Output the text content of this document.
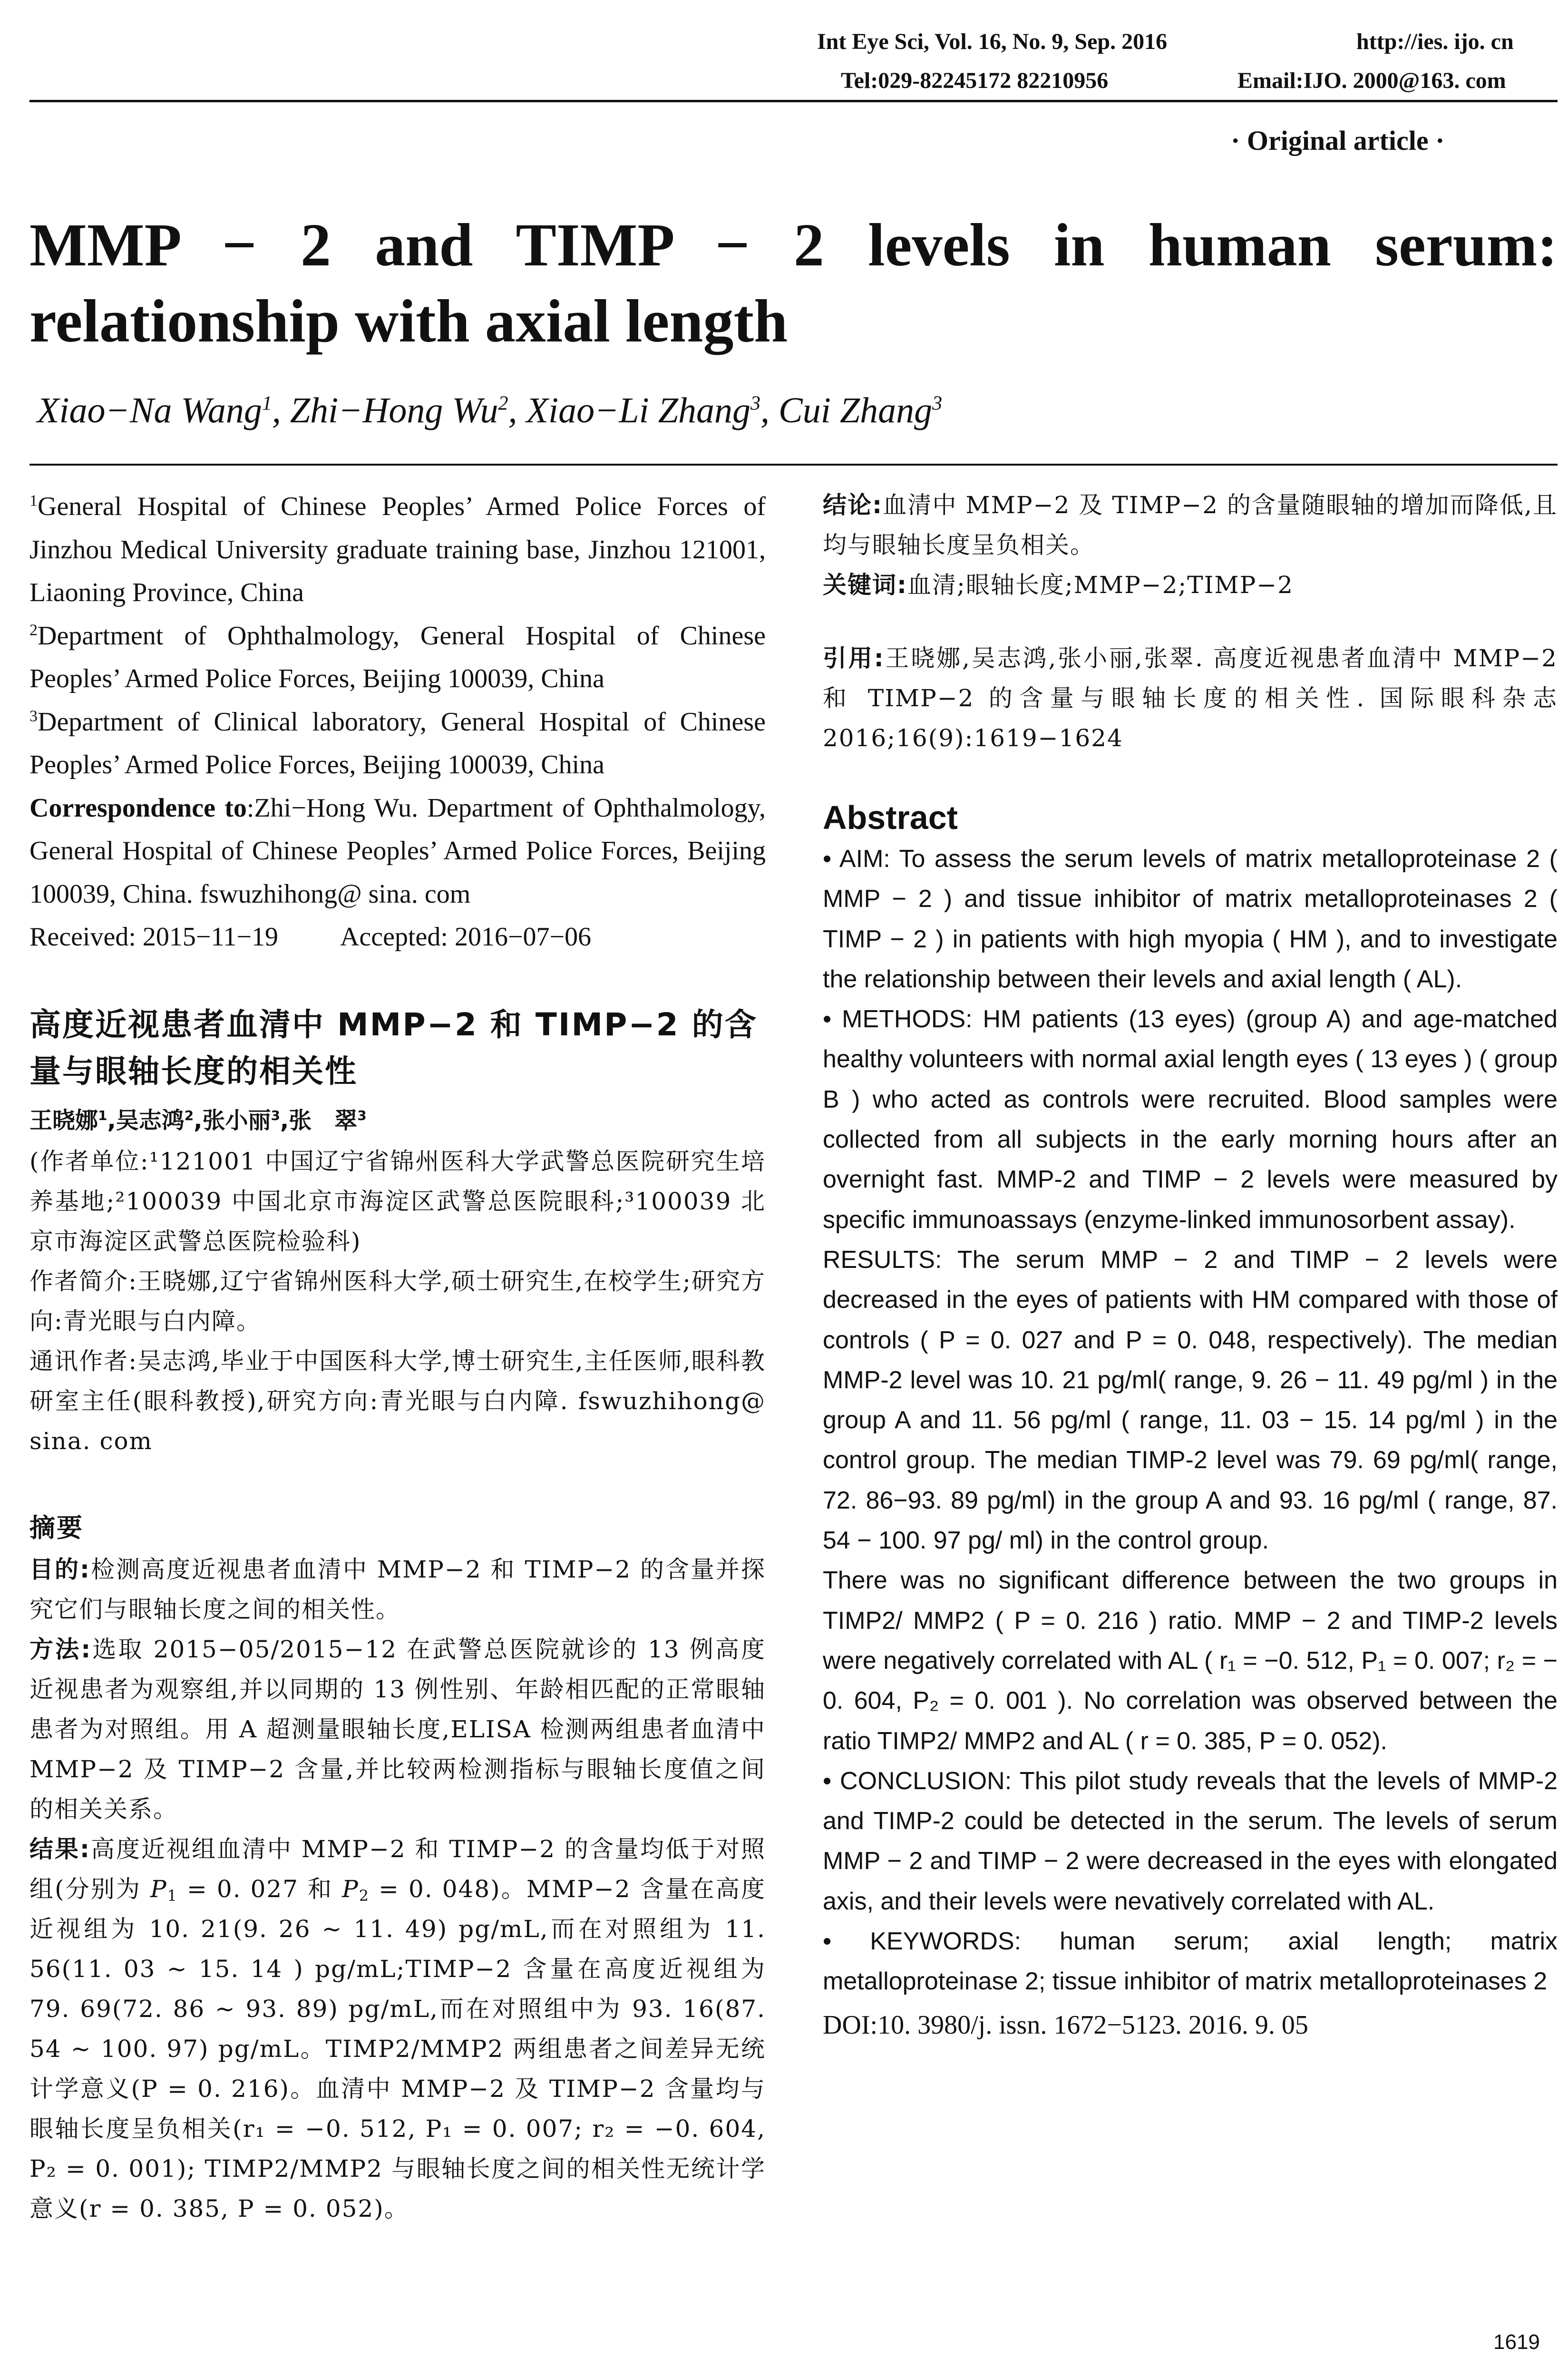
Int Eye Sci, Vol. 16, No. 9, Sep. 2016	http://ies. ijo. cn
Tel:029-82245172 82210956	Email:IJO. 2000@163. com
· Original article ·
MMP − 2 and TIMP − 2 levels in human serum:
relationship with axial length
Xiao−Na Wang$^1$, Zhi−Hong Wu$^2$, Xiao−Li Zhang$^3$, Cui Zhang$^3$

$^1$General Hospital of Chinese Peoples’ Armed Police Forces of Jinzhou Medical University graduate training base, Jinzhou 121001, Liaoning Province, China

$^2$Department of Ophthalmology, General Hospital of Chinese Peoples’ Armed Police Forces, Beijing 100039, China

$^3$Department of Clinical laboratory, General Hospital of Chinese Peoples’ Armed Police Forces, Beijing 100039, China

Correspondence to:Zhi−Hong Wu. Department of Ophthalmology, General Hospital of Chinese Peoples’ Armed Police Forces, Beijing 100039, China. fswuzhihong@ sina. com

Received: 2015−11−19 Accepted: 2016−07−06

高度近视患者血清中 MMP−2 和 TIMP−2 的含量与眼轴长度的相关性
王晓娜$^1$,吴志鸿$^2$,张小丽$^3$,张　翠$^3$

(作者单位:¹121001 中国辽宁省锦州医科大学武警总医院研究生培养基地;²100039 中国北京市海淀区武警总医院眼科;³100039 北京市海淀区武警总医院检验科)

作者简介:王晓娜,辽宁省锦州医科大学,硕士研究生,在校学生;研究方向:青光眼与白内障。

通讯作者:吴志鸿,毕业于中国医科大学,博士研究生,主任医师,眼科教研室主任(眼科教授),研究方向:青光眼与白内障. fswuzhihong@ sina. com

摘要

目的:检测高度近视患者血清中 MMP−2 和 TIMP−2 的含量并探究它们与眼轴长度之间的相关性。

方法:选取 2015−05/2015−12 在武警总医院就诊的 13 例高度近视患者为观察组,并以同期的 13 例性别、年龄相匹配的正常眼轴患者为对照组。用 A 超测量眼轴长度,ELISA 检测两组患者血清中 MMP−2 及 TIMP−2 含量,并比较两检测指标与眼轴长度值之间的相关关系。

结果:高度近视组血清中 MMP−2 和 TIMP−2 的含量均低于对照组(分别为 $P_1 = 0$. 027 和 $P_2 = 0$. 048)。MMP−2 含量在高度近视组为 10. 21(9. 26 ~ 11. 49) pg/mL,而在对照组为 11. 56(11. 03 ~ 15. 14 ) pg/mL;TIMP−2 含量在高度近视组为 79. 69(72. 86 ~ 93. 89) pg/mL,而在对照组中为 93. 16(87. 54 ~ 100. 97) pg/mL。TIMP2/MMP2 两组患者之间差异无统计学意义(P = 0. 216)。血清中 MMP−2 及 TIMP−2 含量均与眼轴长度呈负相关(r₁ = −0. 512, P₁ = 0. 007; r₂ = −0. 604, P₂ = 0. 001); TIMP2/MMP2 与眼轴长度之间的相关性无统计学意义(r = 0. 385, P = 0. 052)。

结论:血清中 MMP−2 及 TIMP−2 的含量随眼轴的增加而降低,且均与眼轴长度呈负相关。

关键词:血清;眼轴长度;MMP−2;TIMP−2

引用:王晓娜,吴志鸿,张小丽,张翠. 高度近视患者血清中 MMP−2 和 TIMP−2 的含量与眼轴长度的相关性. 国际眼科杂志 2016;16(9):1619−1624

Abstract

• AIM: To assess the serum levels of matrix metalloproteinase 2 ( MMP − 2 ) and tissue inhibitor of matrix metalloproteinases 2 ( TIMP − 2 ) in patients with high myopia ( HM ), and to investigate the relationship between their levels and axial length ( AL).

• METHODS: HM patients (13 eyes) (group A) and age-matched healthy volunteers with normal axial length eyes ( 13 eyes ) ( group B ) who acted as controls were recruited. Blood samples were collected from all subjects in the early morning hours after an overnight fast. MMP-2 and TIMP − 2 levels were measured by specific immunoassays (enzyme-linked immunosorbent assay).

RESULTS: The serum MMP − 2 and TIMP − 2 levels were decreased in the eyes of patients with HM compared with those of controls ( P = 0. 027 and P = 0. 048, respectively). The median MMP-2 level was 10. 21 pg/ml( range, 9. 26 − 11. 49 pg/ml ) in the group A and 11. 56 pg/ml ( range, 11. 03 − 15. 14 pg/ml ) in the control group. The median TIMP-2 level was 79. 69 pg/ml( range, 72. 86−93. 89 pg/ml) in the group A and 93. 16 pg/ml ( range, 87. 54 − 100. 97 pg/ ml) in the control group.

There was no significant difference between the two groups in TIMP2/ MMP2 ( P = 0. 216 ) ratio. MMP − 2 and TIMP-2 levels were negatively correlated with AL ( r₁ = −0. 512, P₁ = 0. 007; r₂ = − 0. 604, P₂ = 0. 001 ). No correlation was observed between the ratio TIMP2/ MMP2 and AL ( r = 0. 385, P = 0. 052).

• CONCLUSION: This pilot study reveals that the levels of MMP-2 and TIMP-2 could be detected in the serum. The levels of serum MMP − 2 and TIMP − 2 were decreased in the eyes with elongated axis, and their levels were nevatively correlated with AL.

• KEYWORDS: human serum; axial length; matrix metalloproteinase 2; tissue inhibitor of matrix metalloproteinases 2

DOI:10. 3980/j. issn. 1672−5123. 2016. 9. 05
1619
